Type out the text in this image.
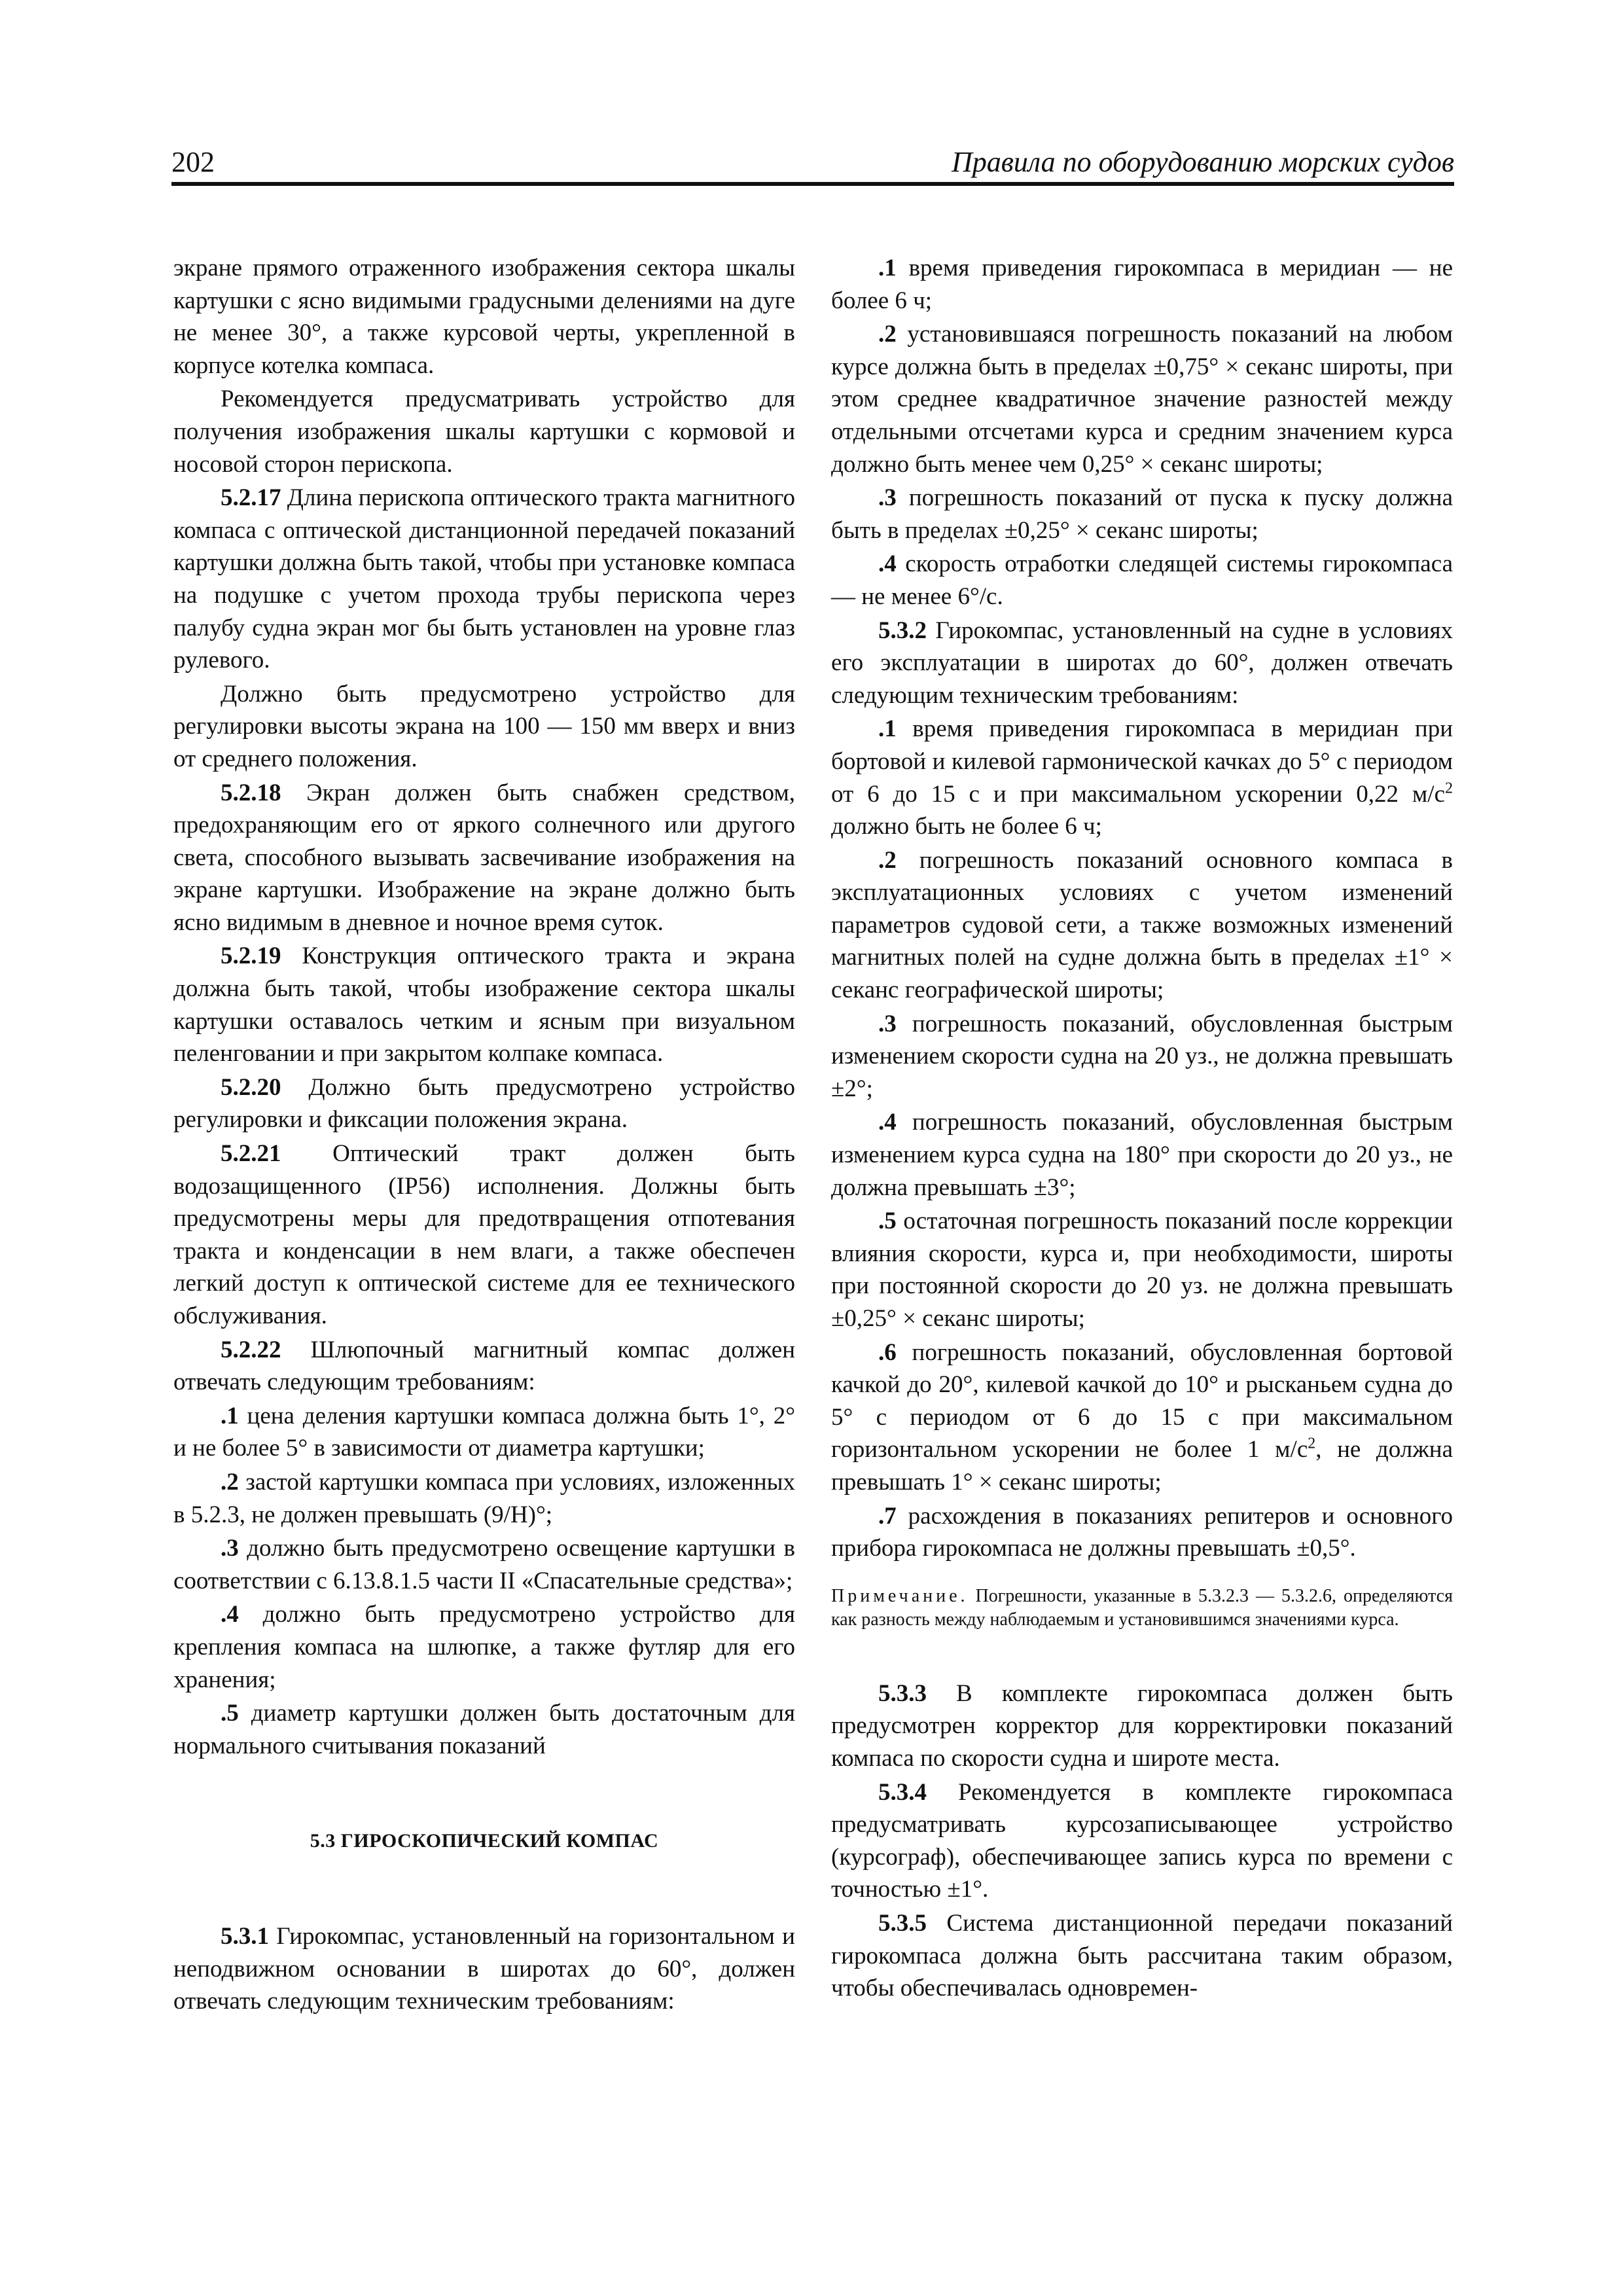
202	Правила по оборудованию морских судов

экране прямого отраженного изображения сектора шкалы картушки с ясно видимыми градусными делениями на дуге не менее 30°, а также курсовой черты, укрепленной в корпусе котелка компаса.

Рекомендуется предусматривать устройство для получения изображения шкалы картушки с кормовой и носовой сторон перископа.

5.2.17 Длина перископа оптического тракта магнитного компаса с оптической дистанционной передачей показаний картушки должна быть такой, чтобы при установке компаса на подушке с учетом прохода трубы перископа через палубу судна экран мог бы быть установлен на уровне глаз рулевого.

Должно быть предусмотрено устройство для регулировки высоты экрана на 100 — 150 мм вверх и вниз от среднего положения.

5.2.18 Экран должен быть снабжен средством, предохраняющим его от яркого солнечного или другого света, способного вызывать засвечивание изображения на экране картушки. Изображение на экране должно быть ясно видимым в дневное и ночное время суток.

5.2.19 Конструкция оптического тракта и экрана должна быть такой, чтобы изображение сектора шкалы картушки оставалось четким и ясным при визуальном пеленговании и при закрытом колпаке компаса.

5.2.20 Должно быть предусмотрено устройство регулировки и фиксации положения экрана.

5.2.21 Оптический тракт должен быть водозащищенного (IP56) исполнения. Должны быть предусмотрены меры для предотвращения отпотевания тракта и конденсации в нем влаги, а также обеспечен легкий доступ к оптической системе для ее технического обслуживания.

5.2.22 Шлюпочный магнитный компас должен отвечать следующим требованиям:

.1 цена деления картушки компаса должна быть 1°, 2° и не более 5° в зависимости от диаметра картушки;

.2 застой картушки компаса при условиях, изложенных в 5.2.3, не должен превышать (9/H)°;

.3 должно быть предусмотрено освещение картушки в соответствии с 6.13.8.1.5 части II «Спасательные средства»;

.4 должно быть предусмотрено устройство для крепления компаса на шлюпке, а также футляр для его хранения;

.5 диаметр картушки должен быть достаточным для нормального считывания показаний

5.3 ГИРОСКОПИЧЕСКИЙ КОМПАС

5.3.1 Гирокомпас, установленный на горизонтальном и неподвижном основании в широтах до 60°, должен отвечать следующим техническим требованиям:

.1 время приведения гирокомпаса в меридиан — не более 6 ч;

.2 установившаяся погрешность показаний на любом курсе должна быть в пределах ±0,75° × секанс широты, при этом среднее квадратичное значение разностей между отдельными отсчетами курса и средним значением курса должно быть менее чем 0,25° × секанс широты;

.3 погрешность показаний от пуска к пуску должна быть в пределах ±0,25° × секанс широты;

.4 скорость отработки следящей системы гирокомпаса — не менее 6°/с.

5.3.2 Гирокомпас, установленный на судне в условиях его эксплуатации в широтах до 60°, должен отвечать следующим техническим требованиям:

.1 время приведения гирокомпаса в меридиан при бортовой и килевой гармонической качках до 5° с периодом от 6 до 15 с и при максимальном ускорении 0,22 $м/с^2$ должно быть не более 6 ч;

.2 погрешность показаний основного компаса в эксплуатационных условиях с учетом изменений параметров судовой сети, а также возможных изменений магнитных полей на судне должна быть в пределах ±1° × секанс географической широты;

.3 погрешность показаний, обусловленная быстрым изменением скорости судна на 20 уз., не должна превышать ±2°;

.4 погрешность показаний, обусловленная быстрым изменением курса судна на 180° при скорости до 20 уз., не должна превышать ±3°;

.5 остаточная погрешность показаний после коррекции влияния скорости, курса и, при необходимости, широты при постоянной скорости до 20 уз. не должна превышать ±0,25° × секанс широты;

.6 погрешность показаний, обусловленная бортовой качкой до 20°, килевой качкой до 10° и рысканьем судна до 5° с периодом от 6 до 15 с при максимальном горизонтальном ускорении не более 1 $м/с^2$, не должна превышать 1° × секанс широты;

.7 расхождения в показаниях репитеров и основного прибора гирокомпаса не должны превышать ±0,5°.

Примечание. Погрешности, указанные в 5.3.2.3 — 5.3.2.6, определяются как разность между наблюдаемым и установившимся значениями курса.

5.3.3 В комплекте гирокомпаса должен быть предусмотрен корректор для корректировки показаний компаса по скорости судна и широте места.

5.3.4 Рекомендуется в комплекте гирокомпаса предусматривать курсозаписывающее устройство (курсограф), обеспечивающее запись курса по времени с точностью ±1°.

5.3.5 Система дистанционной передачи показаний гирокомпаса должна быть рассчитана таким образом, чтобы обеспечивалась одновремен-
